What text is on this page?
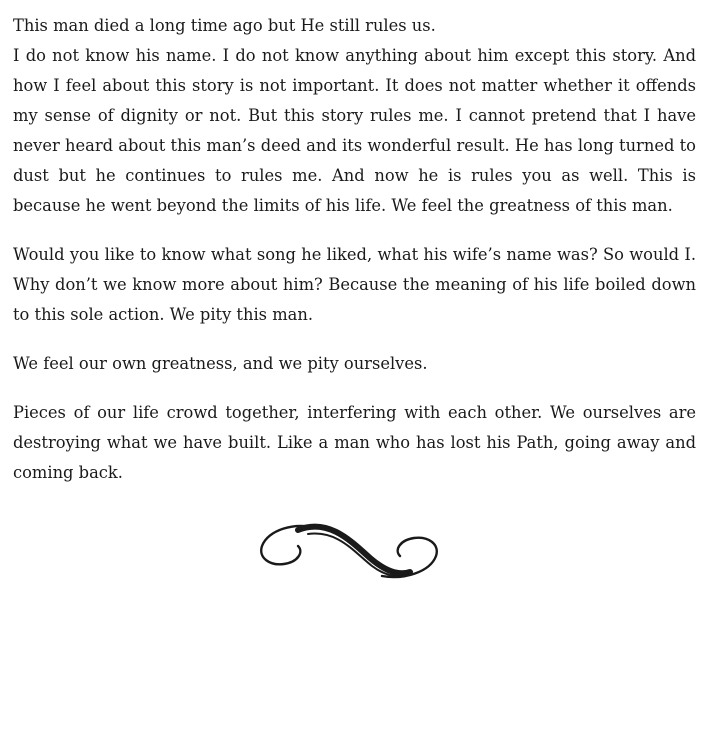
This man died a long time ago but He still rules us.

I do not know his name. I do not know anything about him except this story. And how I feel about this story is not important. It does not matter whether it offends my sense of dignity or not. But this story rules me. I cannot pretend that I have never heard about this man’s deed and its wonderful result. He has long turned to dust but he continues to rules me. And now he is rules you as well. This is because he went beyond the limits of his life. We feel the greatness of this man.

Would you like to know what song he liked, what his wife’s name was? So would I. Why don’t we know more about him? Because the meaning of his life boiled down to this sole action. We pity this man.

We feel our own greatness, and we pity ourselves.

Pieces of our life crowd together, interfering with each other. We ourselves are destroying what we have built. Like a man who has lost his Path, going away and coming back.
